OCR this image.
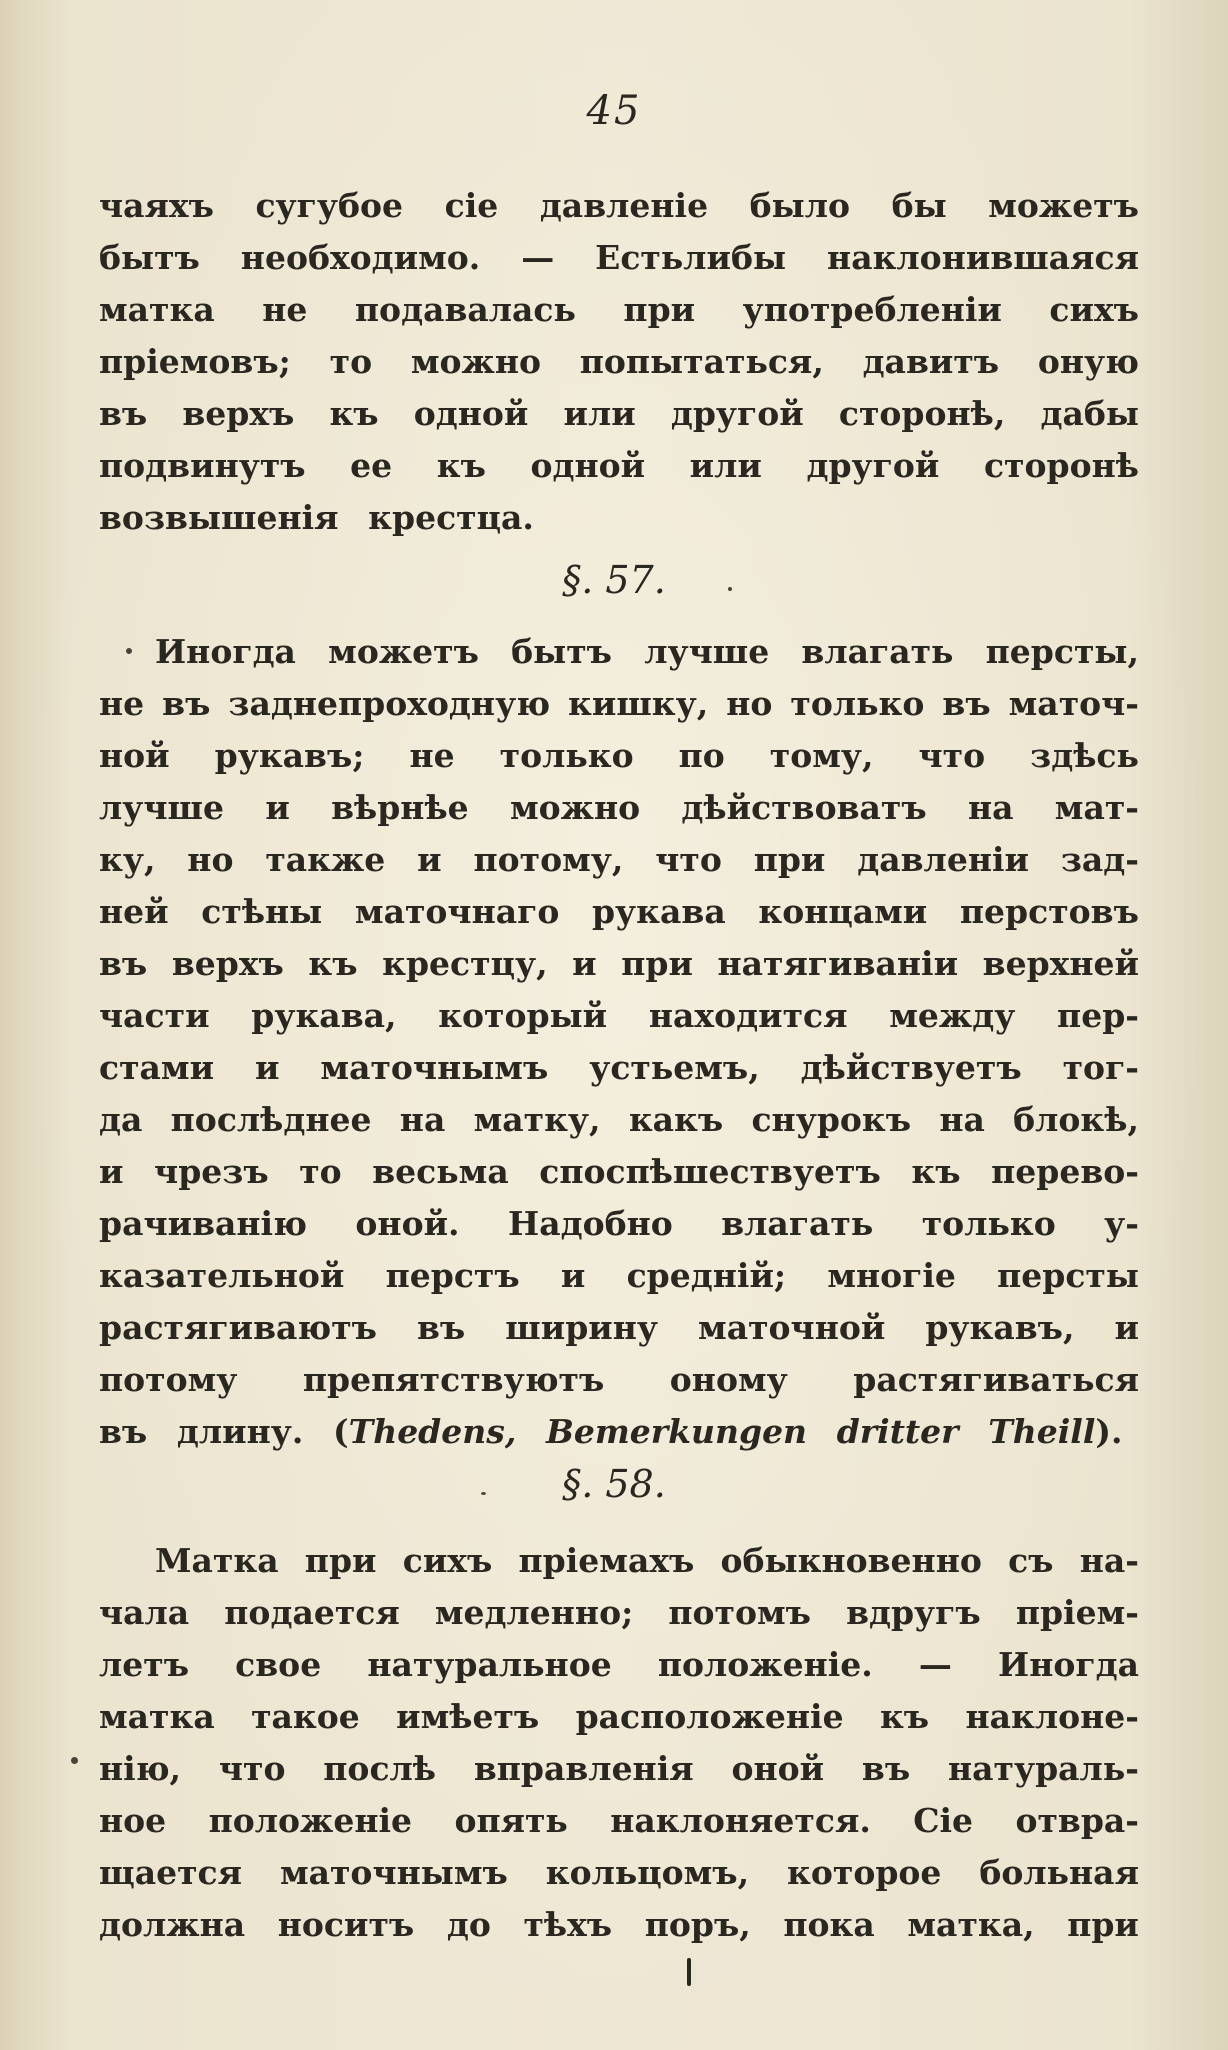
45
чаяхъ сугубое сіе давленіе было бы можетъ
бытъ необходимо. — Естьлибы наклонившаяся
матка не подавалась при употребленіи сихъ
пріемовъ; то можно попытаться, давитъ оную
въ верхъ къ одной или другой сторонѣ, дабы
подвинутъ ее къ одной или другой сторонѣ
возвышенія крестца.
§. 57.
Иногда можетъ бытъ лучше влагать персты,
не въ заднепроходную кишку, но только въ маточ-
ной рукавъ; не только по тому, что здѣсь
лучше и вѣрнѣе можно дѣйствоватъ на мат-
ку, но также и потому, что при давленіи зад-
ней стѣны маточнаго рукава концами перстовъ
въ верхъ къ крестцу, и при натягиваніи верхней
части рукава, который находится между пер-
стами и маточнымъ устьемъ, дѣйствуетъ тог-
да послѣднее на матку, какъ снурокъ на блокѣ,
и чрезъ то весьма споспѣшествуетъ къ перево-
рачиванію оной. Надобно влагать только у-
казательной перстъ и средній; многіе персты
растягиваютъ въ ширину маточной рукавъ, и
потому препятствуютъ оному растягиваться
въ длину. ( Thedens, Bemerkungen dritter Theill ).
§. 58.
Матка при сихъ пріемахъ обыкновенно съ на-
чала подается медленно; потомъ вдругъ пріем-
летъ свое натуральное положеніе. — Иногда
матка такое имѣетъ расположеніе къ наклоне-
нію, что послѣ вправленія оной въ натураль-
ное положеніе опять наклоняется. Сіе отвра-
щается маточнымъ кольцомъ, которое больная
должна носитъ до тѣхъ поръ, пока матка, при
